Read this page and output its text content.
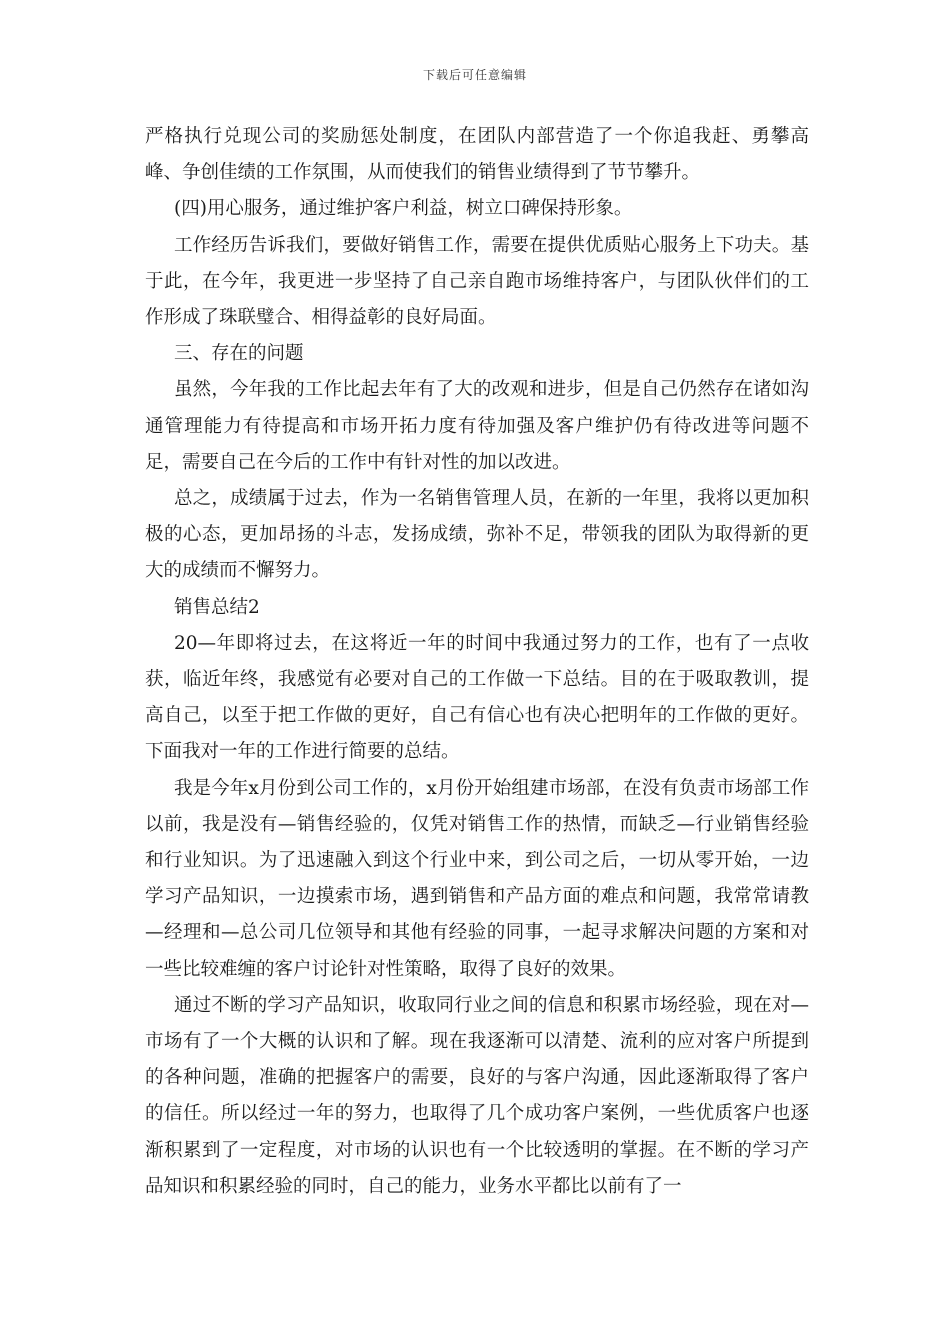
下载后可任意编辑

严格执行兑现公司的奖励惩处制度，在团队内部营造了一个你追我赶、勇攀高峰、争创佳绩的工作氛围，从而使我们的销售业绩得到了节节攀升。

(四)用心服务，通过维护客户利益，树立口碑保持形象。

工作经历告诉我们，要做好销售工作，需要在提供优质贴心服务上下功夫。基于此，在今年，我更进一步坚持了自己亲自跑市场维持客户，与团队伙伴们的工作形成了珠联璧合、相得益彰的良好局面。

三、存在的问题

虽然，今年我的工作比起去年有了大的改观和进步，但是自己仍然存在诸如沟通管理能力有待提高和市场开拓力度有待加强及客户维护仍有待改进等问题不足，需要自己在今后的工作中有针对性的加以改进。

总之，成绩属于过去，作为一名销售管理人员，在新的一年里，我将以更加积极的心态，更加昂扬的斗志，发扬成绩，弥补不足，带领我的团队为取得新的更大的成绩而不懈努力。

销售总结2

20—年即将过去，在这将近一年的时间中我通过努力的工作，也有了一点收获，临近年终，我感觉有必要对自己的工作做一下总结。目的在于吸取教训，提高自己，以至于把工作做的更好，自己有信心也有决心把明年的工作做的更好。下面我对一年的工作进行简要的总结。

我是今年x月份到公司工作的，x月份开始组建市场部，在没有负责市场部工作以前，我是没有—销售经验的，仅凭对销售工作的热情，而缺乏—行业销售经验和行业知识。为了迅速融入到这个行业中来，到公司之后，一切从零开始，一边学习产品知识，一边摸索市场，遇到销售和产品方面的难点和问题，我常常请教—经理和—总公司几位领导和其他有经验的同事，一起寻求解决问题的方案和对一些比较难缠的客户讨论针对性策略，取得了良好的效果。

通过不断的学习产品知识，收取同行业之间的信息和积累市场经验，现在对—市场有了一个大概的认识和了解。现在我逐渐可以清楚、流利的应对客户所提到的各种问题，准确的把握客户的需要，良好的与客户沟通，因此逐渐取得了客户的信任。所以经过一年的努力，也取得了几个成功客户案例，一些优质客户也逐渐积累到了一定程度，对市场的认识也有一个比较透明的掌握。在不断的学习产品知识和积累经验的同时，自己的能力，业务水平都比以前有了一
